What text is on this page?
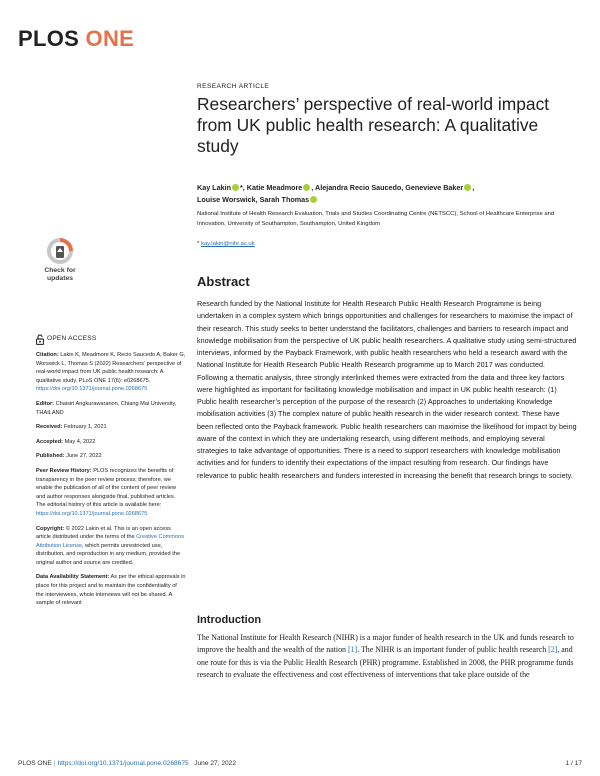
PLOS ONE
RESEARCH ARTICLE
Researchers’ perspective of real-world impact from UK public health research: A qualitative study
Kay Lakin *, Katie Meadmore , Alejandra Recio Saucedo, Genevieve Baker ,
Louise Worswick, Sarah Thomas
National Institute of Health Research Evaluation, Trials and Studies Coordinating Centre (NETSCC), School of Healthcare Enterprise and Innovation, University of Southampton, Southampton, United Kingdom
* kay.lakin@nihr.ac.uk
Check for
updates	Abstract

Research funded by the National Institute for Health Research Public Health Research Programme is being undertaken in a complex system which brings opportunities and challenges for researchers to maximise the impact of their research. This study seeks to better understand the facilitators, challenges and barriers to research impact and knowledge mobilisation from the perspective of UK public health researchers. A qualitative study using semi-structured interviews, informed by the Payback Framework, with public health researchers who held a research award with the National Institute for Health Research Public Health Research programme up to March 2017 was conducted. Following a thematic analysis, three strongly interlinked themes were extracted from the data and three key factors were highlighted as important for facilitating knowledge mobilisation and impact in UK public health research: (1) Public health researcher’s perception of the purpose of the research (2) Approaches to undertaking Knowledge mobilisation activities (3) The complex nature of public health research in the wider research context. These have been reflected onto the Payback framework. Public health researchers can maximise the likelihood for impact by being aware of the context in which they are undertaking research, using different methods, and employing several strategies to take advantage of opportunities. There is a need to support researchers with knowledge mobilisation activities and for funders to identify their expectations of the impact resulting from research. Our findings have relevance to public health researchers and funders interested in increasing the benefit that research brings to society.

Introduction

The National Institute for Health Research (NIHR) is a major funder of health research in the UK and funds research to improve the health and the wealth of the nation [1]. The NIHR is an important funder of public health research [2], and one route for this is via the Public Health Research (PHR) programme. Established in 2008, the PHR programme funds research to evaluate the effectiveness and cost effectiveness of interventions that take place outside of the

OPEN ACCESS
Citation: Lakin K, Meadmore K, Recio Saucedo A, Baker G, Worswick L, Thomas S (2022) Researchers’ perspective of real-world impact from UK public health research: A qualitative study. PLoS ONE 17(6): e0268675. https://doi.org/10.1371/journal.pone.0268675
Editor: Chaisiri Angkurawaranon, Chiang Mai University, THAILAND
Received: February 1, 2021
Accepted: May 4, 2022
Published: June 27, 2022
Peer Review History: PLOS recognizes the benefits of transparency in the peer review process; therefore, we enable the publication of all of the content of peer review and author responses alongside final, published articles. The editorial history of this article is available here: https://doi.org/10.1371/journal.pone.0268675
Copyright: © 2022 Lakin et al. This is an open access article distributed under the terms of the Creative Commons Attribution License, which permits unrestricted use, distribution, and reproduction in any medium, provided the original author and source are credited.
Data Availability Statement: As per the ethical approvals in place for this project and to maintain the confidentiality of the interviewees, whole interviews will not be shared. A sample of relevant
PLOS ONE | https://doi.org/10.1371/journal.pone.0268675 June 27, 2022	1 / 17
